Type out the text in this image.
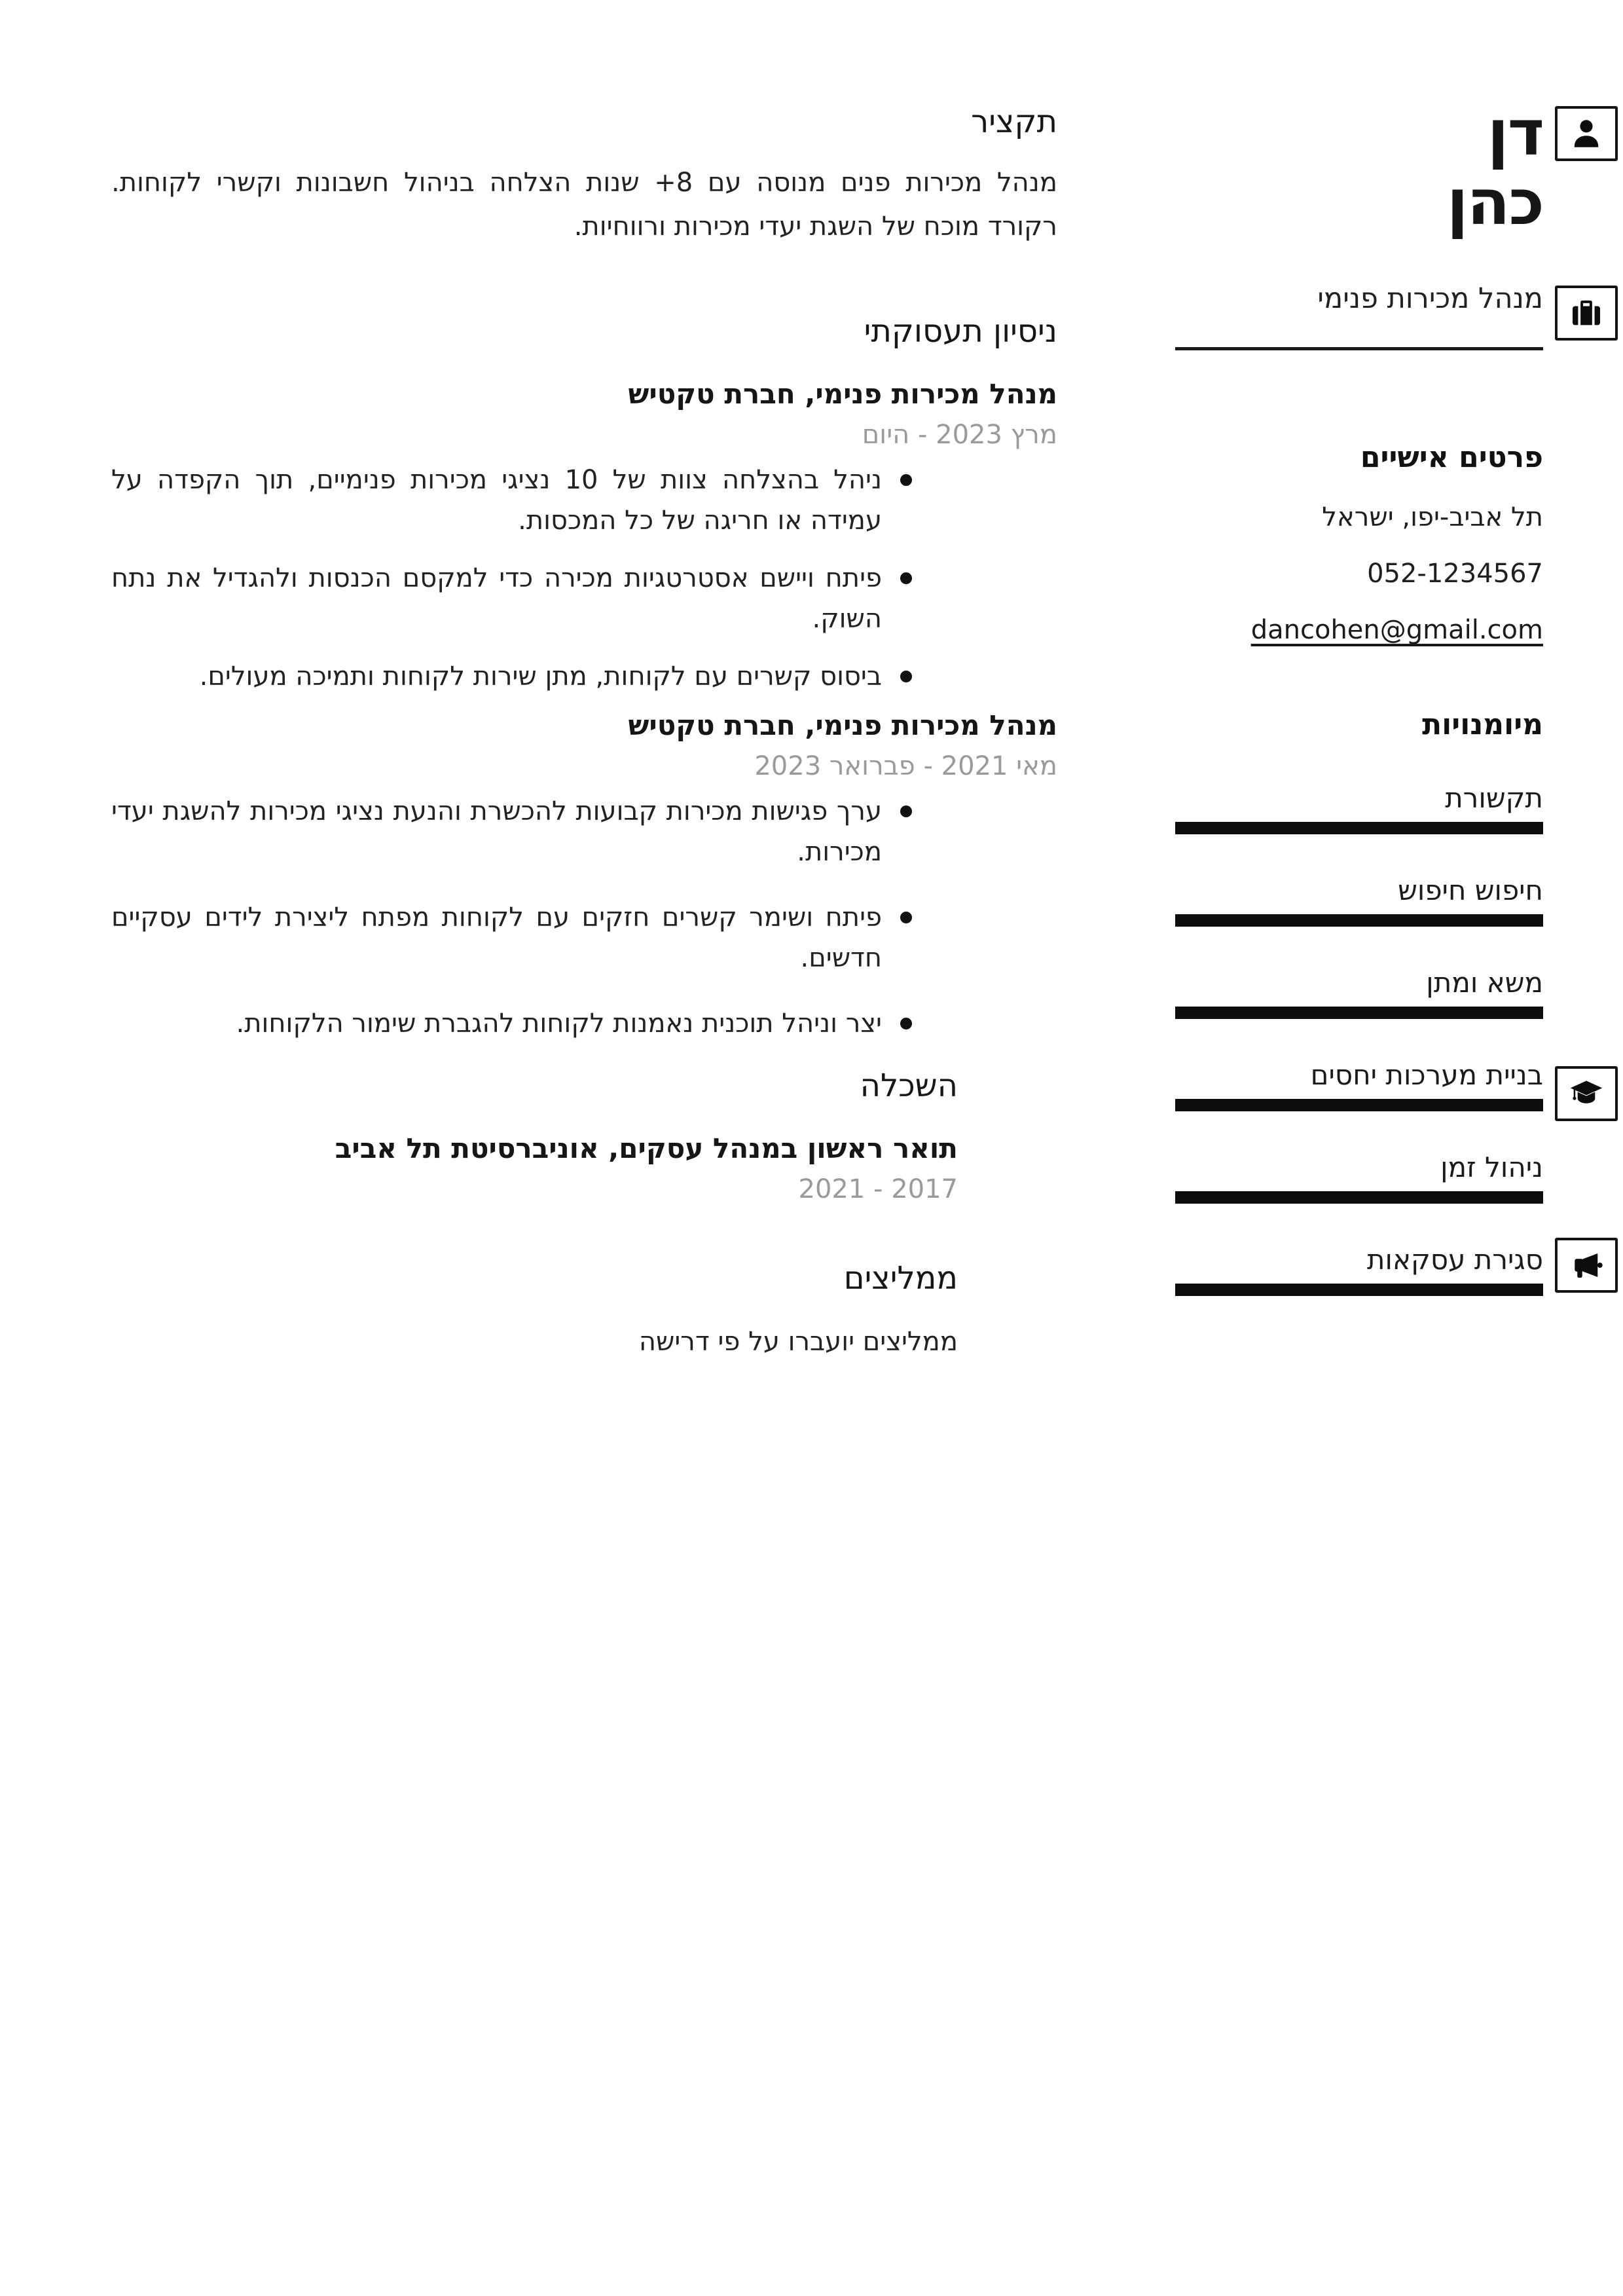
דן
כהן
מנהל מכירות פנימי
פרטים אישיים

תל אביב-יפו, ישראל

052-1234567

dancohen@gmail.com

מיומנויות
תקשורת
חיפוש חיפוש
משא ומתן
בניית מערכות יחסים
ניהול זמן
סגירת עסקאות
תקציר

מנהל מכירות פנים מנוסה עם 8+ שנות הצלחה בניהול חשבונות וקשרי לקוחות. רקורד מוכח של השגת יעדי מכירות ורווחיות.

ניסיון תעסוקתי
מנהל מכירות פנימי, חברת טקטיש

מרץ 2023 - היום

ניהל בהצלחה צוות של 10 נציגי מכירות פנימיים, תוך הקפדה על עמידה או חריגה של כל המכסות.
פיתח ויישם אסטרטגיות מכירה כדי למקסם הכנסות ולהגדיל את נתח השוק.
ביסוס קשרים עם לקוחות, מתן שירות לקוחות ותמיכה מעולים.
מנהל מכירות פנימי, חברת טקטיש

מאי 2021 - פברואר 2023

ערך פגישות מכירות קבועות להכשרת והנעת נציגי מכירות להשגת יעדי מכירות.
פיתח ושימר קשרים חזקים עם לקוחות מפתח ליצירת לידים עסקיים חדשים.
יצר וניהל תוכנית נאמנות לקוחות להגברת שימור הלקוחות.
השכלה
תואר ראשון במנהל עסקים, אוניברסיטת תל אביב

2017 - 2021

ממליצים

ממליצים יועברו על פי דרישה
